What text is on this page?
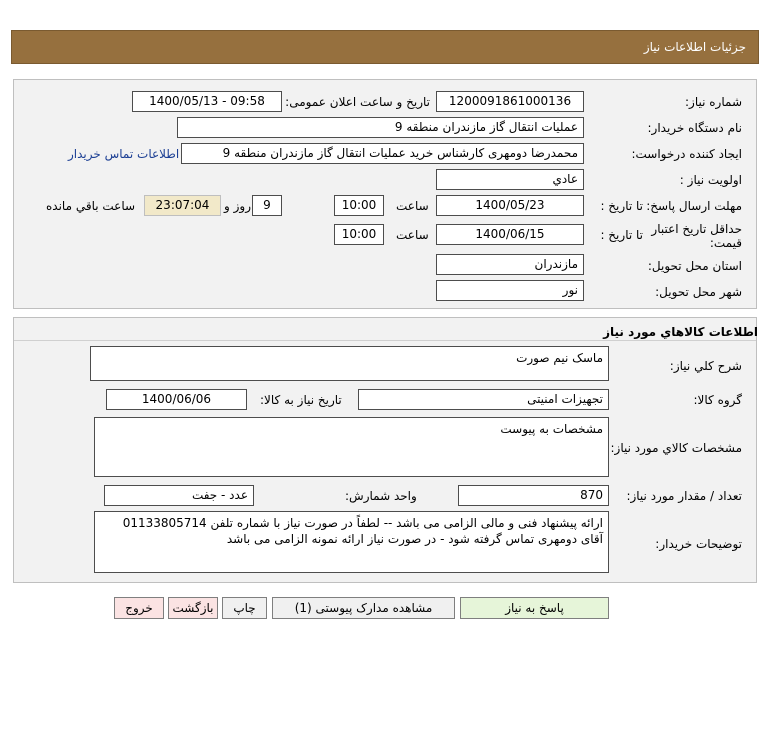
جزئیات اطلاعات نیاز
شماره نیاز:
1200091861000136
تاریخ و ساعت اعلان عمومی:
1400/05/13 - 09:58
نام دستگاه خریدار:
عملیات انتقال گاز مازندران منطقه 9
ایجاد کننده درخواست:
محمدرضا دومهری کارشناس خرید عملیات انتقال گاز مازندران منطقه 9
اطلاعات تماس خریدار
اولویت نیاز :
عادي
مهلت ارسال پاسخ:
تا تاریخ :
1400/05/23
ساعت
10:00
9
روز و
23:07:04
ساعت باقي مانده
حداقل تاریخ اعتبار قیمت:
تا تاریخ :
1400/06/15
ساعت
10:00
استان محل تحویل:
مازندران
شهر محل تحویل:
نور
اطلاعات کالاهاي مورد نياز
شرح کلي نياز:
ماسک نیم صورت
گروه کالا:
تجهیزات امنیتی
تاریخ نیاز به کالا:
1400/06/06
مشخصات کالاي مورد نياز:
مشخصات به پیوست
تعداد / مقدار مورد نياز:
870
واحد شمارش:
عدد - جفت
توضیحات خریدار:
ارائه پیشنهاد فنی و مالی الزامی می باشد -- لطفاً در صورت نیاز با شماره تلفن 01133805714 آقای دومهری تماس گرفته شود - در صورت نیاز ارائه نمونه الزامی می باشد
پاسخ به نیاز
مشاهده مدارک پیوستی (1)
چاپ
بازگشت
خروج
